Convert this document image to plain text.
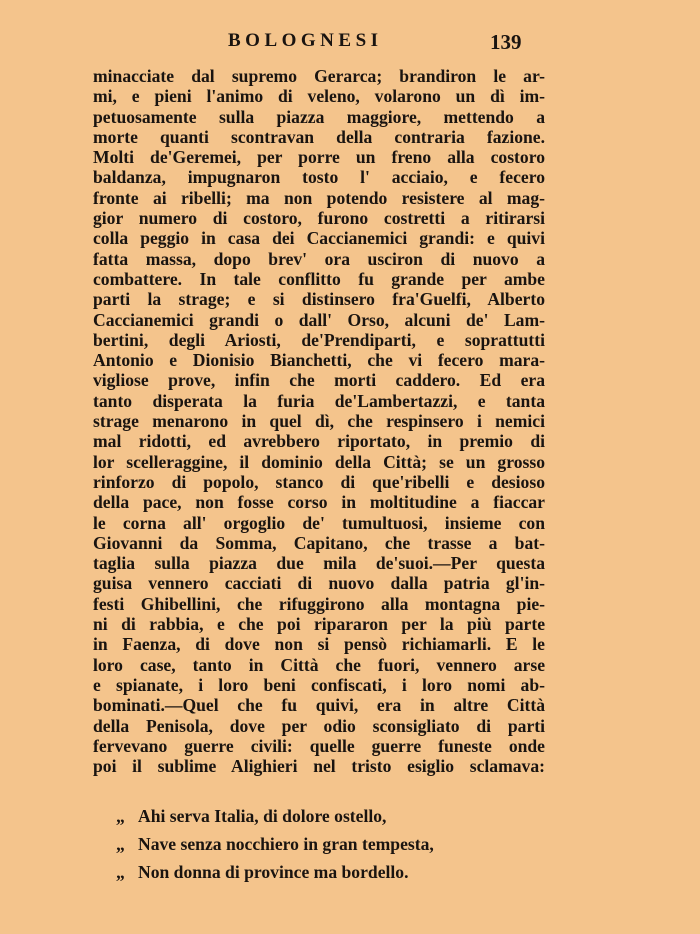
BOLOGNESI	139
minacciate dal supremo Gerarca; brandiron le ar-
mi, e pieni l'animo di veleno, volarono un dì im-
petuosamente sulla piazza maggiore, mettendo a
morte quanti scontravan della contraria fazione.
Molti de'Geremei, per porre un freno alla costoro
baldanza, impugnaron tosto l' acciaio, e fecero
fronte ai ribelli; ma non potendo resistere al mag-
gior numero di costoro, furono costretti a ritirarsi
colla peggio in casa dei Caccianemici grandi: e quivi
fatta massa, dopo brev' ora usciron di nuovo a
combattere. In tale conflitto fu grande per ambe
parti la strage; e si distinsero fra'Guelfi, Alberto
Caccianemici grandi o dall' Orso, alcuni de' Lam-
bertini, degli Ariosti, de'Prendiparti, e soprattutti
Antonio e Dionisio Bianchetti, che vi fecero mara-
vigliose prove, infin che morti caddero. Ed era
tanto disperata la furia de'Lambertazzi, e tanta
strage menarono in quel dì, che respinsero i nemici
mal ridotti, ed avrebbero riportato, in premio di
lor scelleraggine, il dominio della Città; se un grosso
rinforzo di popolo, stanco di que'ribelli e desioso
della pace, non fosse corso in moltitudine a fiaccar
le corna all' orgoglio de' tumultuosi, insieme con
Giovanni da Somma, Capitano, che trasse a bat-
taglia sulla piazza due mila de'suoi.—Per questa
guisa vennero cacciati di nuovo dalla patria gl'in-
festi Ghibellini, che rifuggirono alla montagna pie-
ni di rabbia, e che poi ripararon per la più parte
in Faenza, di dove non si pensò richiamarli. E le
loro case, tanto in Città che fuori, vennero arse
e spianate, i loro beni confiscati, i loro nomi ab-
bominati.—Quel che fu quivi, era in altre Città
della Penisola, dove per odio sconsigliato di parti
fervevano guerre civili: quelle guerre funeste onde
poi il sublime Alighieri nel tristo esiglio sclamava:
„ Ahi serva Italia, di dolore ostello,
„ Nave senza nocchiero in gran tempesta,
„ Non donna di province ma bordello.
